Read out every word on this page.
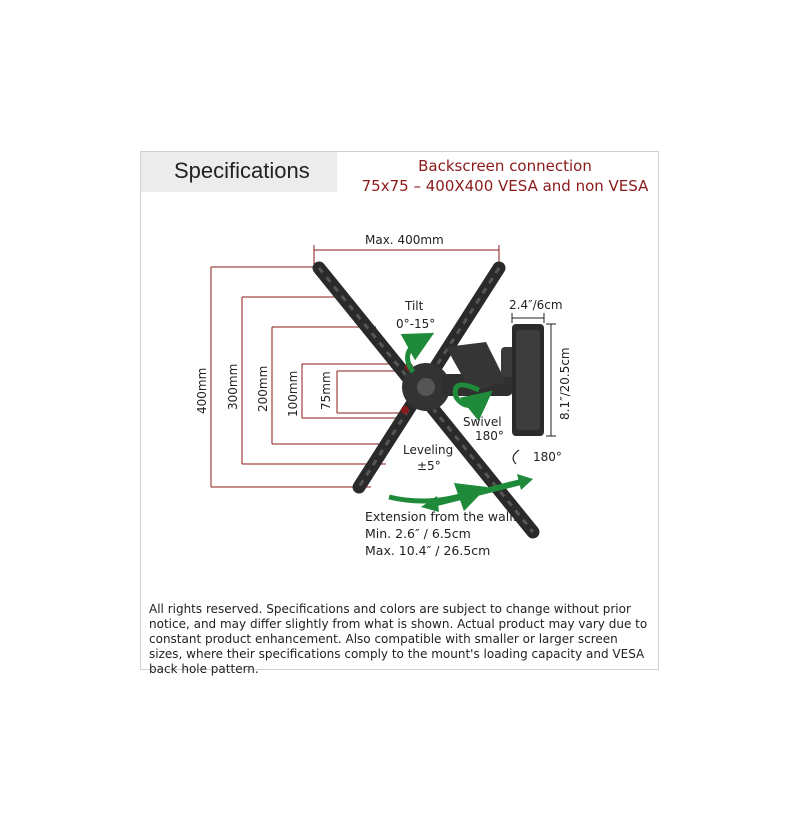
Specifications	Backscreen connection
75x75 – 400X400 VESA and non VESA
Max. 400mm
400mm 300mm 200mm 100mm 75mm
2.4″/6cm
8.1″/20.5cm
Tilt
0°-15°
Swivel
180°
180°
Leveling
±5°
Extension from the wall:
Min. 2.6″ / 6.5cm
Max. 10.4″ / 26.5cm
All rights reserved. Specifications and colors are subject to change without prior notice, and may differ slightly from what is shown. Actual product may vary due to constant product enhancement. Also compatible with smaller or larger screen sizes, where their specifications comply to the mount's loading capacity and VESA back hole pattern.
